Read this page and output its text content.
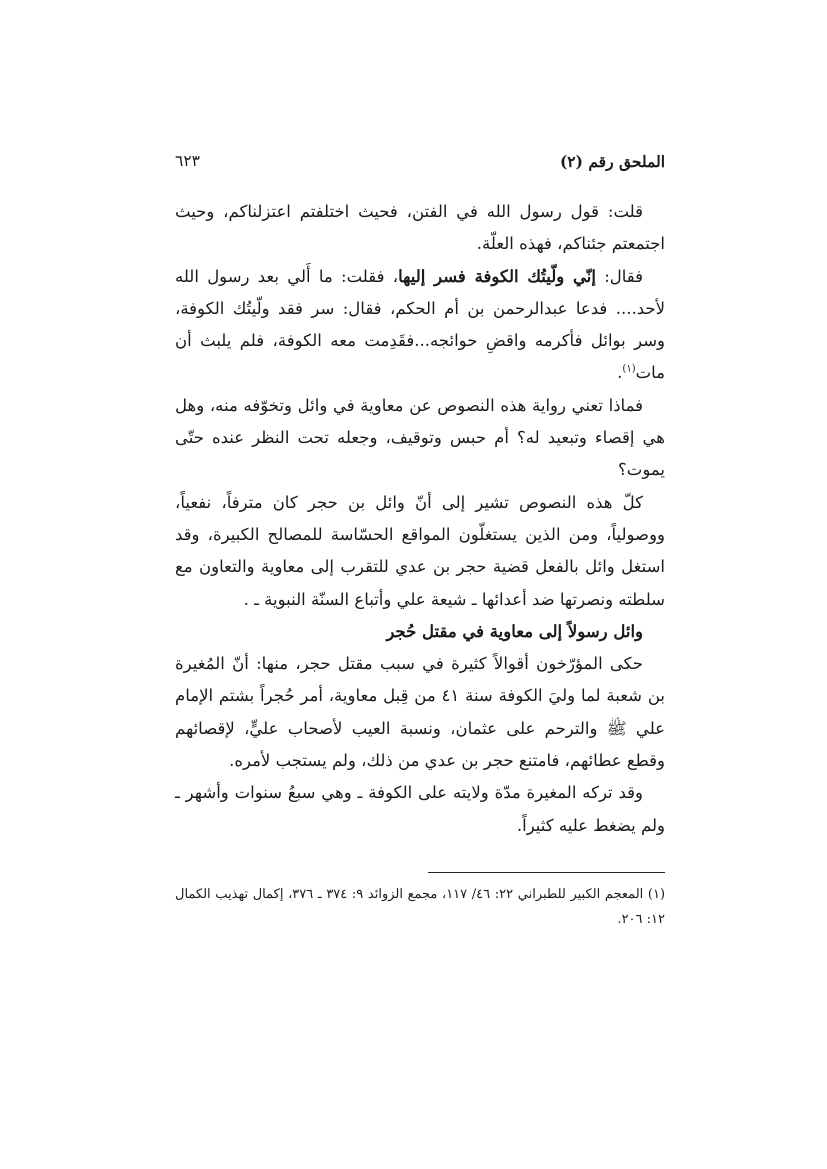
الملحق رقم (٢)
٦٢٣

قلت: قول رسول الله في الفتن، فحيث اختلفتم اعتزلناكم، وحيث اجتمعتم جئناكم، فهذه العلّة.

فقال: إنّي ولّيتُك الكوفة فسر إليها، فقلت: ما أَلي بعد رسول الله لأحد.... فدعا عبدالرحمن بن أم الحكم، فقال: سر فقد ولّيتُك الكوفة، وسر بوائل فأكرمه واقضِ حوائجه...فقَدِمت معه الكوفة، فلم يلبث أن مات$^{(١)}$.

فماذا تعني رواية هذه النصوص عن معاوية في وائل وتخوّفه منه، وهل هي إقصاء وتبعيد له؟ أم حبس وتوقيف، وجعله تحت النظر عنده حتّى يموت؟

كلّ هذه النصوص تشير إلى أنّ وائل بن حجر كان مترفاً، نفعياً، ووصولياً، ومن الذين يستغلّون المواقع الحسّاسة للمصالح الكبيرة، وقد استغل وائل بالفعل قضية حجر بن عدي للتقرب إلى معاوية والتعاون مع سلطته ونصرتها ضد أعدائها ـ شيعة علي وأتباع السنّة النبوية ـ .

وائل رسولاً إلى معاوية في مقتل حُجر

حكى المؤرّخون أقوالاً كثيرة في سبب مقتل حجر، منها: أنّ المُغيرة بن شعبة لما وليَ الكوفة سنة ٤١ من قِبل معاوية، أمر حُجراً بشتم الإمام علي ﷺ والترحم على عثمان، ونسبة العيب لأصحاب عليٍّ، لإقصائهم وقطع عطائهم، فامتنع حجر بن عدي من ذلك، ولم يستجب لأمره.

وقد تركه المغيرة مدّة ولايته على الكوفة ـ وهي سبعُ سنوات وأشهر ـ ولم يضغط عليه كثيراً.

(١) المعجم الكبير للطبراني ٢٢: ٤٦/ ١١٧، مجمع الزوائد ٩: ٣٧٤ ـ ٣٧٦، إكمال تهذيب الكمال ١٢: ٢٠٦.
